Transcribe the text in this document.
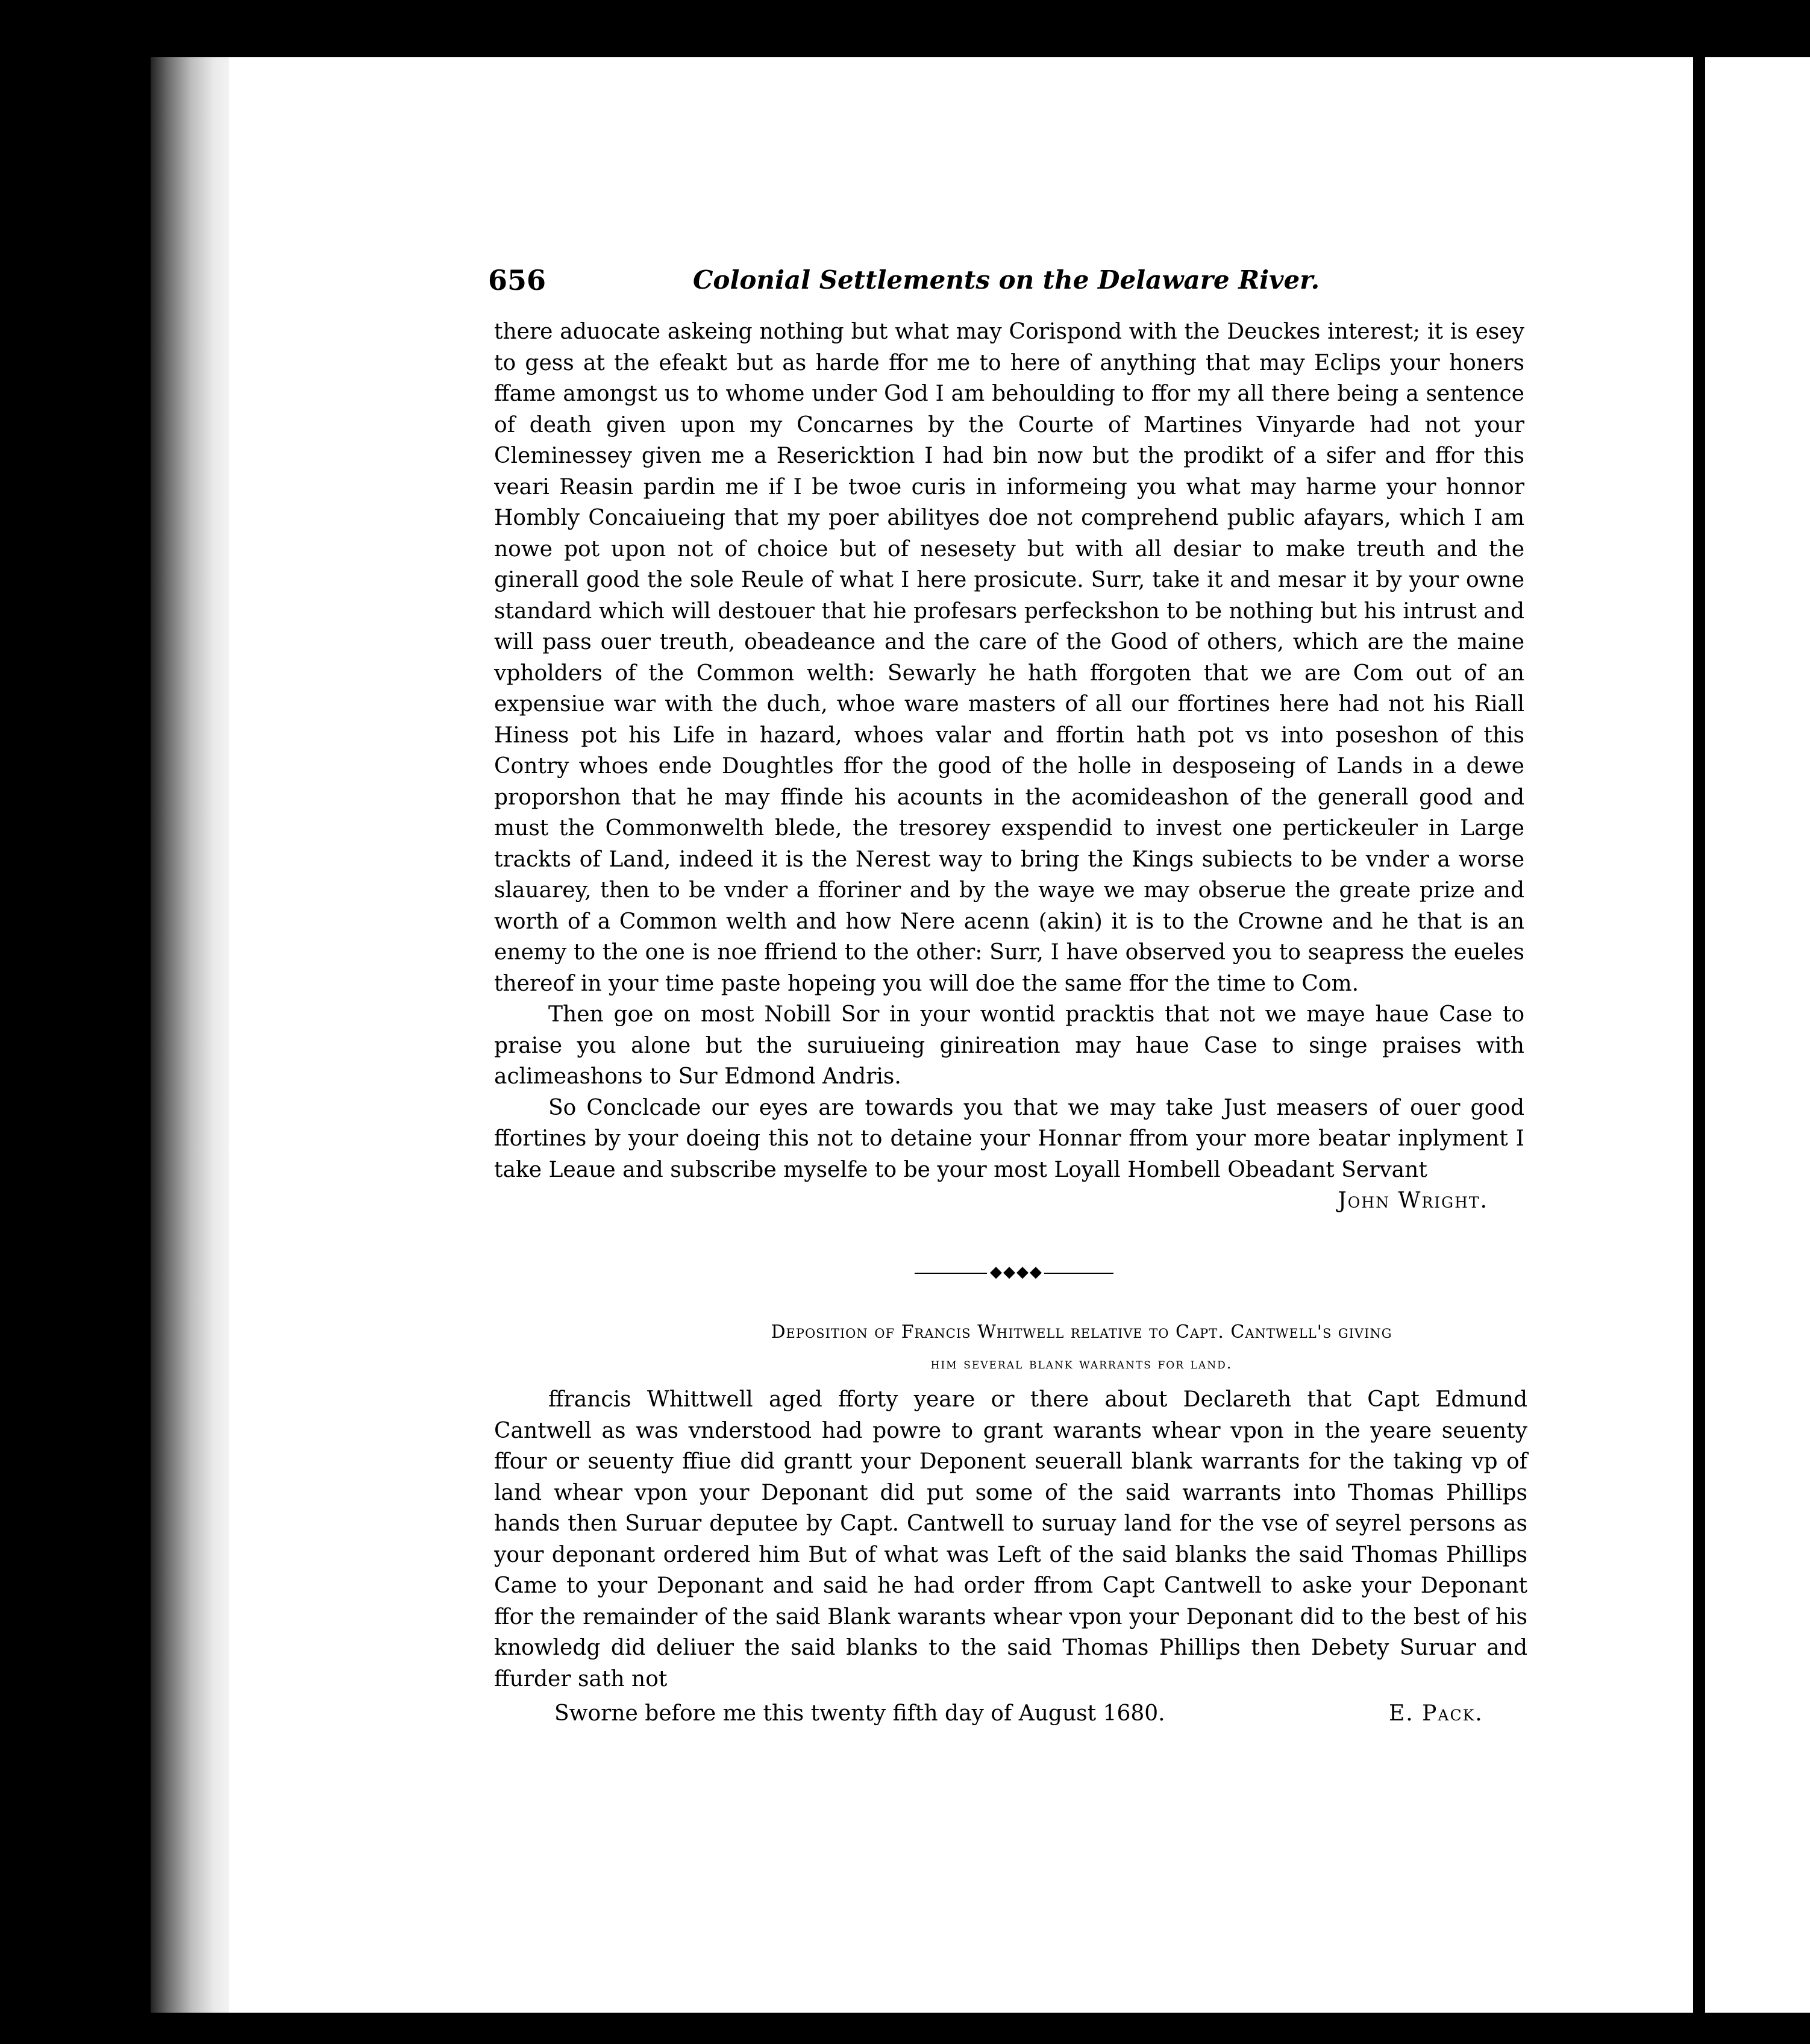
656	Colonial Settlements on the Delaware River.

there aduocate askeing nothing but what may Corispond with the Deuckes interest; it is esey to gess at the efeakt but as harde ffor me to here of anything that may Eclips your honers ffame amongst us to whome under God I am behoulding to ffor my all there being a sentence of death given upon my Concarnes by the Courte of Martines Vinyarde had not your Cleminessey given me a Resericktion I had bin now but the prodikt of a sifer and ffor this veari Reasin pardin me if I be twoe curis in informeing you what may harme your honnor Hombly Concaiueing that my poer abilityes doe not comprehend public afayars, which I am nowe pot upon not of choice but of nesesety but with all desiar to make treuth and the ginerall good the sole Reule of what I here prosicute. Surr, take it and mesar it by your owne standard which will destouer that hie profesars perfeckshon to be nothing but his intrust and will pass ouer treuth, obeadeance and the care of the Good of others, which are the maine vpholders of the Common welth: Sewarly he hath fforgoten that we are Com out of an expensiue war with the duch, whoe ware masters of all our ffortines here had not his Riall Hiness pot his Life in hazard, whoes valar and ffortin hath pot vs into poseshon of this Contry whoes ende Doughtles ffor the good of the holle in desposeing of Lands in a dewe proporshon that he may ffinde his acounts in the acomideashon of the generall good and must the Commonwelth blede, the tresorey exspendid to invest one pertickeuler in Large trackts of Land, indeed it is the Nerest way to bring the Kings subiects to be vnder a worse slauarey, then to be vnder a fforiner and by the waye we may obserue the greate prize and worth of a Common welth and how Nere acenn (akin) it is to the Crowne and he that is an enemy to the one is noe ffriend to the other: Surr, I have observed you to seapress the eueles thereof in your time paste hopeing you will doe the same ffor the time to Com.

Then goe on most Nobill Sor in your wontid pracktis that not we maye haue Case to praise you alone but the suruiueing ginireation may haue Case to singe praises with aclimeashons to Sur Edmond Andris.

So Conclcade our eyes are towards you that we may take Just measers of ouer good ffortines by your doeing this not to detaine your Honnar ffrom your more beatar inplyment I take Leaue and subscribe myselfe to be your most Loyall Hombell Obeadant Servant

John Wright.
◆◆◆◆
Deposition of Francis Whitwell relative to Capt. Cantwell's giving
him several blank warrants for land.

ffrancis Whittwell aged fforty yeare or there about Declareth that Capt Edmund Cantwell as was vnderstood had powre to grant warants whear vpon in the yeare seuenty ffour or seuenty ffiue did grantt your Deponent seuerall blank warrants for the taking vp of land whear vpon your Deponant did put some of the said warrants into Thomas Phillips hands then Suruar deputee by Capt. Cantwell to suruay land for the vse of seyrel persons as your deponant ordered him But of what was Left of the said blanks the said Thomas Phillips Came to your Deponant and said he had order ffrom Capt Cantwell to aske your Deponant ffor the remainder of the said Blank warants whear vpon your Deponant did to the best of his knowledg did deliuer the said blanks to the said Thomas Phillips then Debety Suruar and ffurder sath not

Sworne before me this twenty fifth day of August 1680.	E. Pack.
